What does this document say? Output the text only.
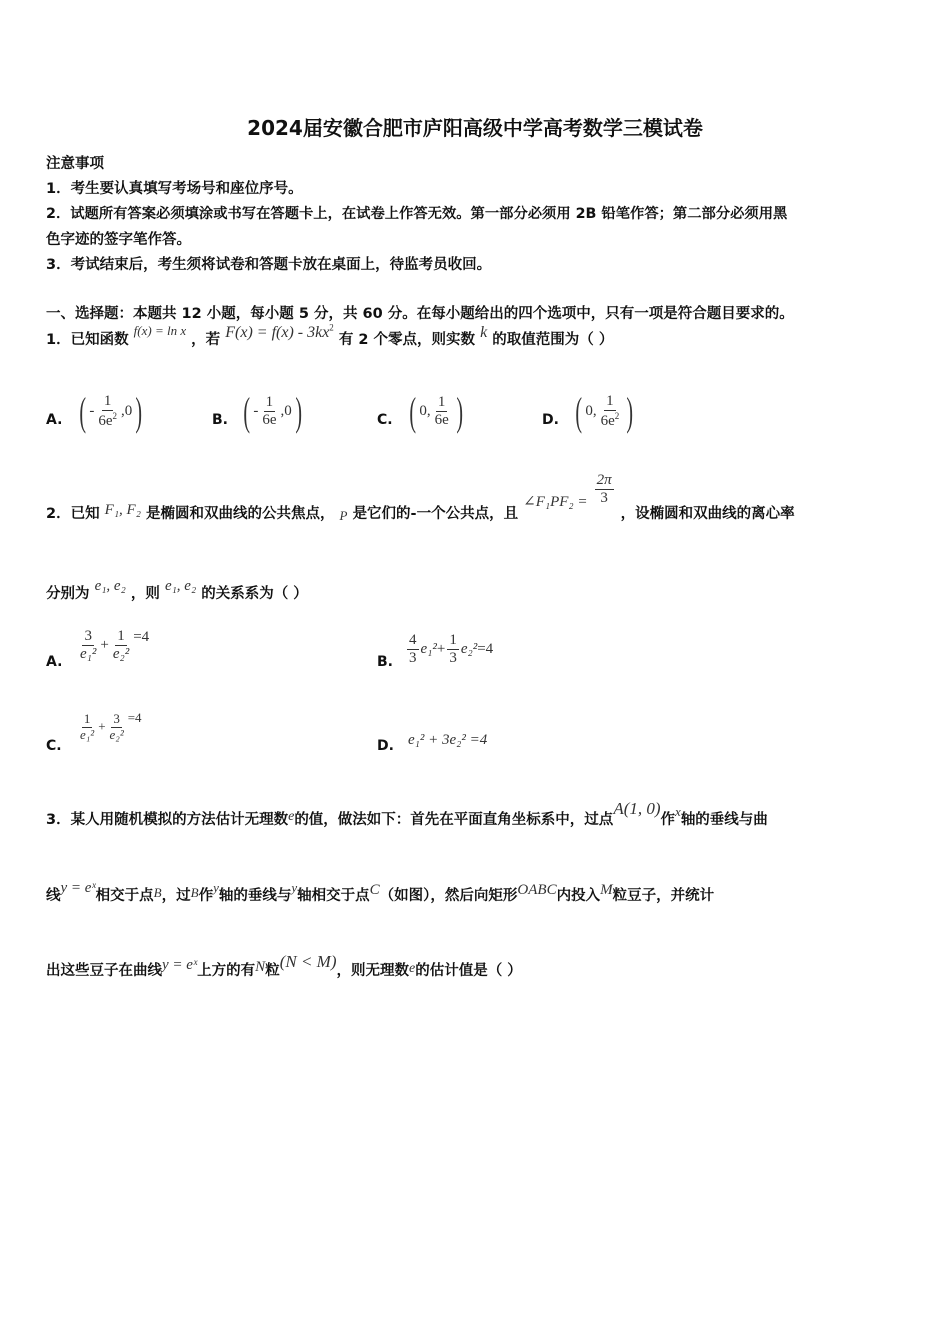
2024届安徽合肥市庐阳高级中学高考数学三模试卷
注意事项
1．考生要认真填写考场号和座位序号。
2．试题所有答案必须填涂或书写在答题卡上，在试卷上作答无效。第一部分必须用 2B 铅笔作答；第二部分必须用黑
色字迹的签字笔作答。
3．考试结束后，考生须将试卷和答题卡放在桌面上，待监考员收回。
一、选择题：本题共 12 小题，每小题 5 分，共 60 分。在每小题给出的四个选项中，只有一项是符合题目要求的。
1．已知函数 f(x) = ln x ，若 $F(x) = f(x) - 3kx^2$ 有 2 个零点，则实数 k 的取值范围为（ ）
A. ( - $\frac{1}{6e^2} ,0$)	B. ( - $\frac{1}{6e} ,0$)	C. ( 0, $\frac{1}{6e}$ )	D. ( 0, $\frac{1}{6e^2}$ )
2．已知 F₁, F₂ 是椭圆和双曲线的公共焦点， P 是它们的-一个公共点，且 ∠F₁PF₂ = $\frac{2\pi}{3}$
，设椭圆和双曲线的离心率
分别为 e₁, e₂ ，则 e₁, e₂ 的关系系为（ ）
A. $\frac{3}{\text{e₁²}} + \frac{1}{\text{e₂²}} =4$
B. $\frac{4}{3} e_1^2+ \frac{1}{3} e_2^2=4$
C.
$\frac{1}{\text{e₁²}} + \frac{3}{\text{e₂²}} =4$
D. e₁² + 3e₂² =4
3．某人用随机模拟的方法估计无理数e的值，做法如下：首先在平面直角坐标系中，过点A(1, 0)作x轴的垂线与曲
线y = eˣ相交于点B，过B作y轴的垂线与y轴相交于点C（如图），然后向矩形OABC内投入M粒豆子，并统计
出这些豆子在曲线y = eˣ上方的有N粒(N < M)，则无理数e的估计值是（ ）
